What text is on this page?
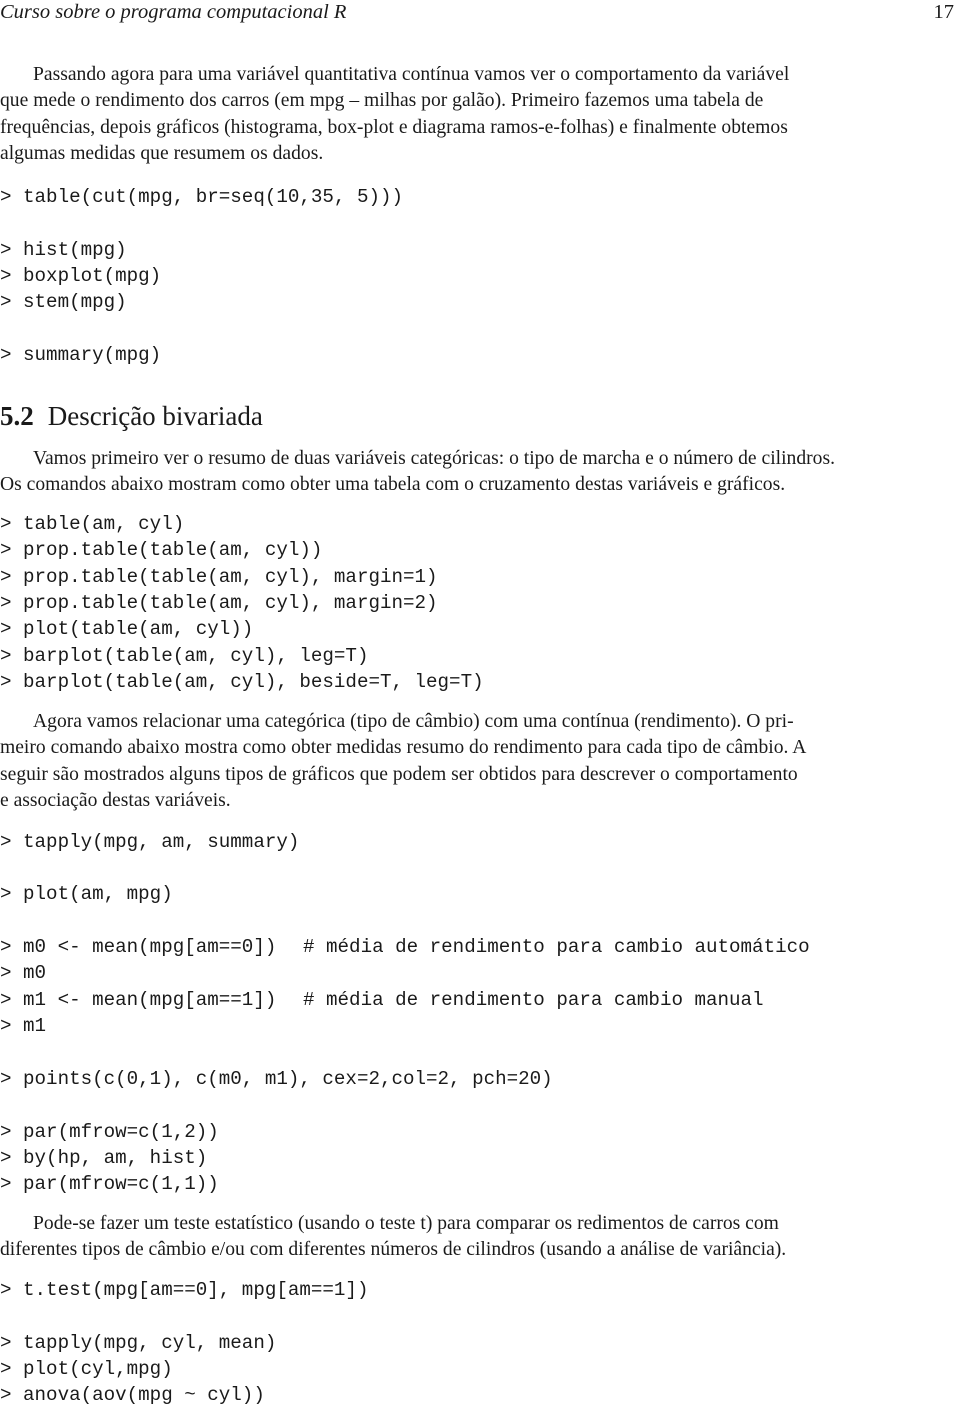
Curso sobre o programa computacional R	17
Passando agora para uma variável quantitativa contínua vamos ver o comportamento da variável
que mede o rendimento dos carros (em mpg – milhas por galão). Primeiro fazemos uma tabela de
frequências, depois gráficos (histograma, box-plot e diagrama ramos-e-folhas) e finalmente obtemos
algumas medidas que resumem os dados.
> table(cut(mpg, br=seq(10,35, 5)))
> hist(mpg)
> boxplot(mpg)
> stem(mpg)
> summary(mpg)
5.2 Descrição bivariada
Vamos primeiro ver o resumo de duas variáveis categóricas: o tipo de marcha e o número de cilindros.
Os comandos abaixo mostram como obter uma tabela com o cruzamento destas variáveis e gráficos.
> table(am, cyl)
> prop.table(table(am, cyl))
> prop.table(table(am, cyl), margin=1)
> prop.table(table(am, cyl), margin=2)
> plot(table(am, cyl))
> barplot(table(am, cyl), leg=T)
> barplot(table(am, cyl), beside=T, leg=T)
Agora vamos relacionar uma categórica (tipo de câmbio) com uma contínua (rendimento). O pri-
meiro comando abaixo mostra como obter medidas resumo do rendimento para cada tipo de câmbio. A
seguir são mostrados alguns tipos de gráficos que podem ser obtidos para descrever o comportamento
e associação destas variáveis.
> tapply(mpg, am, summary)
> plot(am, mpg)
> m0 <- mean(mpg[am==0]) # média de rendimento para cambio automático
> m0
> m1 <- mean(mpg[am==1]) # média de rendimento para cambio manual
> m1
> points(c(0,1), c(m0, m1), cex=2,col=2, pch=20)
> par(mfrow=c(1,2))
> by(hp, am, hist)
> par(mfrow=c(1,1))
Pode-se fazer um teste estatístico (usando o teste t) para comparar os redimentos de carros com
diferentes tipos de câmbio e/ou com diferentes números de cilindros (usando a análise de variância).
> t.test(mpg[am==0], mpg[am==1])
> tapply(mpg, cyl, mean)
> plot(cyl,mpg)
> anova(aov(mpg ~ cyl))
